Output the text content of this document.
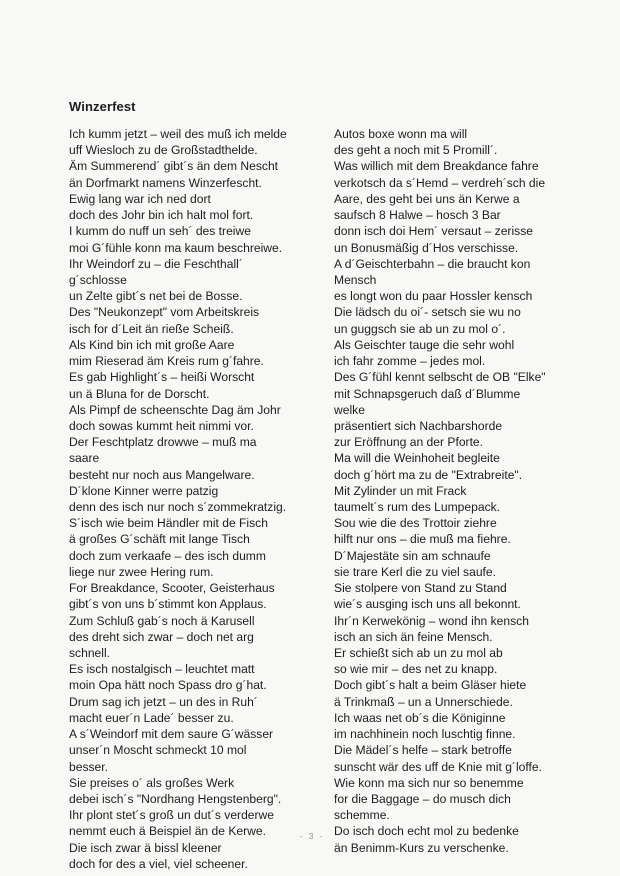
Winzerfest
Ich kumm jetzt – weil des muß ich melde
uff Wiesloch zu de Großstadthelde.
Äm Summerend´ gibt´s än dem Nescht
än Dorfmarkt namens Winzerfescht.
Ewig lang war ich ned dort
doch des Johr bin ich halt mol fort.
I kumm do nuff un seh´ des treiwe
moi G´fühle konn ma kaum beschreiwe.
Ihr Weindorf zu – die Feschthall´
g´schlosse
un Zelte gibt´s net bei de Bosse.
Des "Neukonzept" vom Arbeitskreis
isch for d´Leit än rieße Scheiß.
Als Kind bin ich mit große Aare
mim Rieserad äm Kreis rum g´fahre.
Es gab Highlight´s – heißi Worscht
un ä Bluna for de Dorscht.
Als Pimpf de scheenschte Dag äm Johr
doch sowas kummt heit nimmi vor.
Der Feschtplatz drowwe – muß ma
saare
besteht nur noch aus Mangelware.
D´klone Kinner werre patzig
denn des isch nur noch s´zommekratzig.
S´isch wie beim Händler mit de Fisch
ä großes G´schäft mit lange Tisch
doch zum verkaafe – des isch dumm
liege nur zwee Hering rum.
For Breakdance, Scooter, Geisterhaus
gibt´s von uns b´stimmt kon Applaus.
Zum Schluß gab´s noch ä Karusell
des dreht sich zwar – doch net arg
schnell.
Es isch nostalgisch – leuchtet matt
moin Opa hätt noch Spass dro g´hat.
Drum sag ich jetzt – un des in Ruh´
macht euer´n Lade´ besser zu.
A s´Weindorf mit dem saure G´wässer
unser´n Moscht schmeckt 10 mol
besser.
Sie preises o´ als großes Werk
debei isch´s "Nordhang Hengstenberg".
Ihr plont stet´s groß un dut´s verderwe
nemmt euch ä Beispiel än de Kerwe.
Die isch zwar ä bissl kleener
doch for des a viel, viel scheener.
Autos boxe wonn ma will
des geht a noch mit 5 Promill´.
Was willich mit dem Breakdance fahre
verkotsch da s´Hemd – verdreh´sch die
Aare, des geht bei uns än Kerwe a
saufsch 8 Halwe – hosch 3 Bar
donn isch doi Hem´ versaut – zerisse
un Bonusmäßig d´Hos verschisse.
A d´Geischterbahn – die braucht kon
Mensch
es longt won du paar Hossler kensch
Die lädsch du oi´- setsch sie wu no
un guggsch sie ab un zu mol o´.
Als Geischter tauge die sehr wohl
ich fahr zomme – jedes mol.
Des G´fühl kennt selbscht de OB "Elke"
mit Schnapsgeruch daß d´Blumme
welke
präsentiert sich Nachbarshorde
zur Eröffnung an der Pforte.
Ma will die Weinhoheit begleite
doch g´hört ma zu de "Extrabreite".
Mit Zylinder un mit Frack
taumelt´s rum des Lumpepack.
Sou wie die des Trottoir ziehre
hilft nur ons – die muß ma fiehre.
D´Majestäte sin am schnaufe
sie trare Kerl die zu viel saufe.
Sie stolpere von Stand zu Stand
wie´s ausging isch uns all bekonnt.
Ihr´n Kerwekönig – wond ihn kensch
isch an sich än feine Mensch.
Er schießt sich ab un zu mol ab
so wie mir – des net zu knapp.
Doch gibt´s halt a beim Gläser hiete
ä Trinkmaß – un a Unnerschiede.
Ich waas net ob´s die Königinne
im nachhinein noch luschtig finne.
Die Mädel´s helfe – stark betroffe
sunscht wär des uff de Knie mit g´loffe.
Wie konn ma sich nur so benemme
for die Baggage – do musch dich
schemme.
Do isch doch echt mol zu bedenke
än Benimm-Kurs zu verschenke.
- 3 -
